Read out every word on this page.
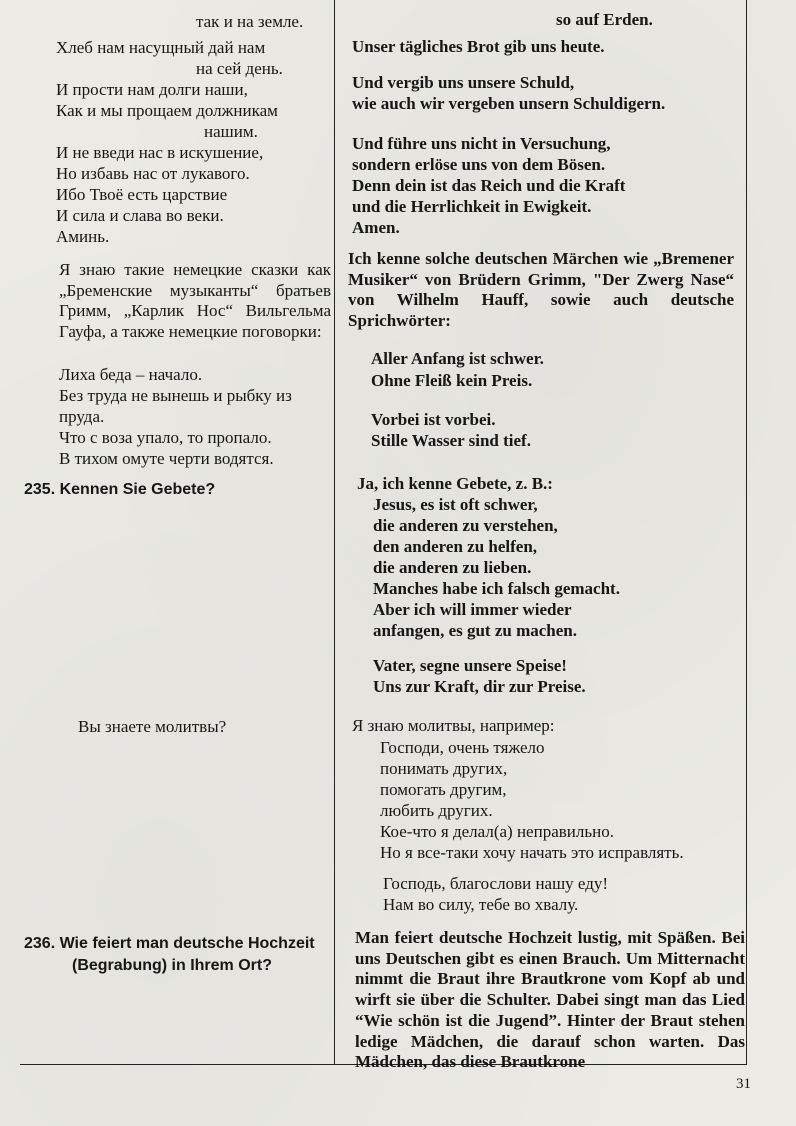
так и на земле.
Хлеб нам насущный дай нам
на сей день.
И прости нам долги наши,
Как и мы прощаем должникам
нашим.
И не введи нас в искушение,
Но избавь нас от лукавого.
Ибо Твоё есть царствие
И сила и слава во веки.
Аминь.
Я знаю такие немецкие сказки как „Бременские музыканты“ братьев Гримм, „Карлик Нос“ Вильгельма Гауфа, а также немецкие поговорки:
Лиха беда – начало.
Без труда не вынешь и рыбку из
пруда.
Что с воза упало, то пропало.
В тихом омуте черти водятся.
235. Kennen Sie Gebete?
Вы знаете молитвы?
236. Wie feiert man deutsche Hochzeit
(Begrabung) in Ihrem Ort?
so auf Erden.
Unser tägliches Brot gib uns heute.
Und vergib uns unsere Schuld,
wie auch wir vergeben unsern Schuldigern.
Und führe uns nicht in Versuchung,
sondern erlöse uns von dem Bösen.
Denn dein ist das Reich und die Kraft
und die Herrlichkeit in Ewigkeit.
Amen.
Ich kenne solche deutschen Märchen wie „Bremener Musiker“ von Brüdern Grimm, "Der Zwerg Nase“ von Wilhelm Hauff, sowie auch deutsche Sprichwörter:
Aller Anfang ist schwer.
Ohne Fleiß kein Preis.
Vorbei ist vorbei.
Stille Wasser sind tief.
Ja, ich kenne Gebete, z. B.:
Jesus, es ist oft schwer,
die anderen zu verstehen,
den anderen zu helfen,
die anderen zu lieben.
Manches habe ich falsch gemacht.
Aber ich will immer wieder
anfangen, es gut zu machen.
Vater, segne unsere Speise!
Uns zur Kraft, dir zur Preise.
Я знаю молитвы, например:
Господи, очень тяжело
понимать других,
помогать другим,
любить других.
Кое-что я делал(а) неправильно.
Но я все-таки хочу начать это исправлять.
Господь, благослови нашу еду!
Нам во силу, тебе во хвалу.
Man feiert deutsche Hochzeit lustig, mit Späßen. Bei uns Deutschen gibt es einen Brauch. Um Mitternacht nimmt die Braut ihre Brautkrone vom Kopf ab und wirft sie über die Schulter. Dabei singt man das Lied “Wie schön ist die Jugend”. Hinter der Braut stehen ledige Mädchen, die darauf schon warten. Das Mädchen, das diese Brautkrone
31
